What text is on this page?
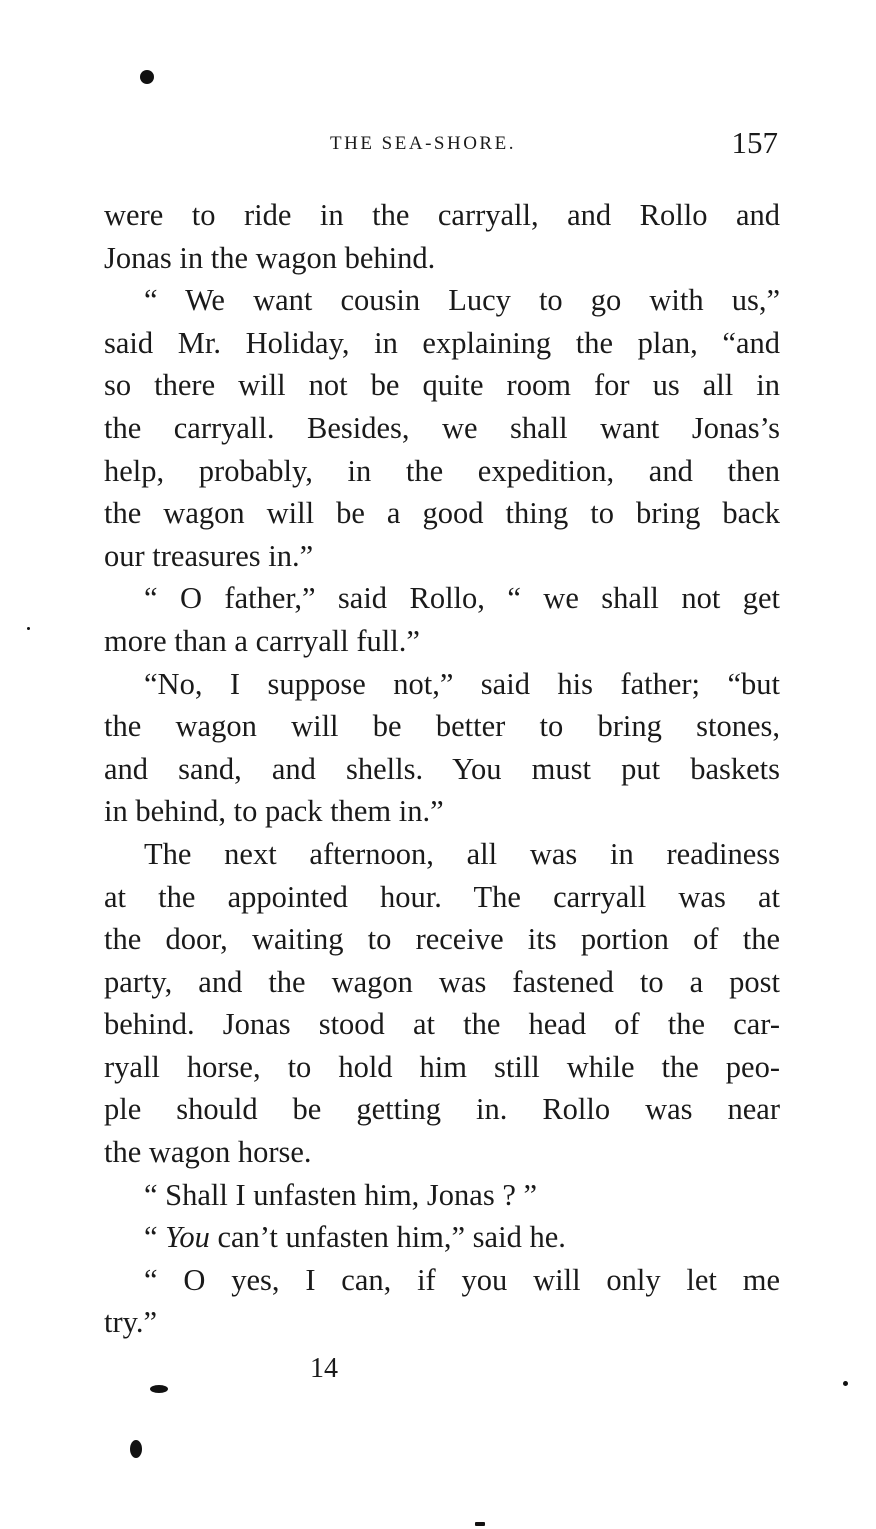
THE SEA-SHORE.	157
were to ride in the carryall, and Rollo and
Jonas in the wagon behind.
“ We want cousin Lucy to go with us,”
said Mr. Holiday, in explaining the plan, “and
so there will not be quite room for us all in
the carryall. Besides, we shall want Jonas’s
help, probably, in the expedition, and then
the wagon will be a good thing to bring back
our treasures in.”
“ O father,” said Rollo, “ we shall not get
more than a carryall full.”
“No, I suppose not,” said his father; “but
the wagon will be better to bring stones,
and sand, and shells. You must put baskets
in behind, to pack them in.”
The next afternoon, all was in readiness
at the appointed hour. The carryall was at
the door, waiting to receive its portion of the
party, and the wagon was fastened to a post
behind. Jonas stood at the head of the car-
ryall horse, to hold him still while the peo-
ple should be getting in. Rollo was near
the wagon horse.
“ Shall I unfasten him, Jonas ? ”
“ You can’t unfasten him,” said he.
“ O yes, I can, if you will only let me
try.”
14
